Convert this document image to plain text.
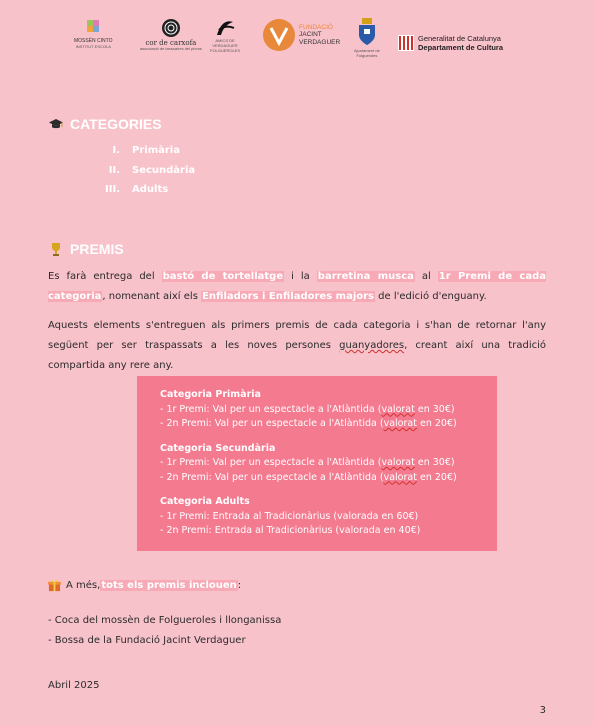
MOSSÈN CINTO
INSTITUT ESCOLA	cor de carxofa
associació de tanssaires del ploms
AMICS DE
VERDAGUER
FOLGUEROLES
FUNDACIÓ
JACINT
VERDAGUER
Ajuntament de
Folgueroles
Generalitat de Catalunya
Departament de Cultura
CATEGORIES
I. Primària
II. Secundària
III. Adults
PREMIS
Es farà entrega del bastó de tortellatge i la barretina musca al 1r Premi de cada categoria, nomenant així els Enfiladors i Enfiladores majors de l'edició d'enguany.
Aquests elements s'entreguen als primers premis de cada categoria i s'han de retornar l'any següent per ser traspassats a les noves persones guanyadores, creant així una tradició compartida any rere any.
Categoria Primària
- 1r Premi: Val per un espectacle a l'Atlàntida (valorat en 30€)
- 2n Premi: Val per un espectacle a l'Atlàntida (valorat en 20€)
Categoria Secundària
- 1r Premi: Val per un espectacle a l'Atlàntida (valorat en 30€)
- 2n Premi: Val per un espectacle a l'Atlàntida (valorat en 20€)
Categoria Adults
- 1r Premi: Entrada al Tradicionàrius (valorada en 60€)
- 2n Premi: Entrada al Tradicionàrius (valorada en 40€)
A més, tots els premis inclouen :
- Coca del mossèn de Folgueroles i llonganissa
- Bossa de la Fundació Jacint Verdaguer
Abril 2025
3
